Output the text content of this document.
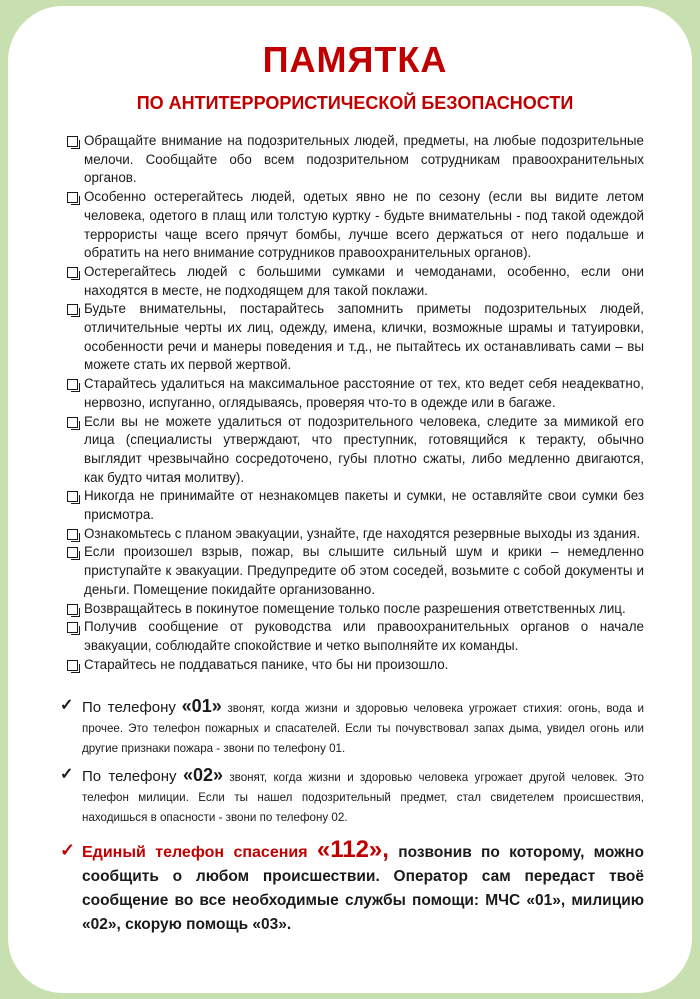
ПАМЯТКА
ПО АНТИТЕРРОРИСТИЧЕСКОЙ БЕЗОПАСНОСТИ
Обращайте внимание на подозрительных людей, предметы, на любые подозрительные мелочи. Сообщайте обо всем подозрительном сотрудникам правоохранительных органов.
Особенно остерегайтесь людей, одетых явно не по сезону (если вы видите летом человека, одетого в плащ или толстую куртку - будьте внимательны - под такой одеждой террористы чаще всего прячут бомбы, лучше всего держаться от него подальше и обратить на него внимание сотрудников правоохранительных органов).
Остерегайтесь людей с большими сумками и чемоданами, особенно, если они находятся в месте, не подходящем для такой поклажи.
Будьте внимательны, постарайтесь запомнить приметы подозрительных людей, отличительные черты их лиц, одежду, имена, клички, возможные шрамы и татуировки, особенности речи и манеры поведения и т.д., не пытайтесь их останавливать сами – вы можете стать их первой жертвой.
Старайтесь удалиться на максимальное расстояние от тех, кто ведет себя неадекватно, нервозно, испуганно, оглядываясь, проверяя что-то в одежде или в багаже.
Если вы не можете удалиться от подозрительного человека, следите за мимикой его лица (специалисты утверждают, что преступник, готовящийся к теракту, обычно выглядит чрезвычайно сосредоточено, губы плотно сжаты, либо медленно двигаются, как будто читая молитву).
Никогда не принимайте от незнакомцев пакеты и сумки, не оставляйте свои сумки без присмотра.
Ознакомьтесь с планом эвакуации, узнайте, где находятся резервные выходы из здания.
Если произошел взрыв, пожар, вы слышите сильный шум и крики – немедленно приступайте к эвакуации. Предупредите об этом соседей, возьмите с собой документы и деньги. Помещение покидайте организованно.
Возвращайтесь в покинутое помещение только после разрешения ответственных лиц.
Получив сообщение от руководства или правоохранительных органов о начале эвакуации, соблюдайте спокойствие и четко выполняйте их команды.
Старайтесь не поддаваться панике, что бы ни произошло.
✓ По телефону «01» звонят, когда жизни и здоровью человека угрожает стихия: огонь, вода и прочее. Это телефон пожарных и спасателей. Если ты почувствовал запах дыма, увидел огонь или другие признаки пожара - звони по телефону 01.
✓ По телефону «02» звонят, когда жизни и здоровью человека угрожает другой человек. Это телефон милиции. Если ты нашел подозрительный предмет, стал свидетелем происшествия, находишься в опасности - звони по телефону 02.
✓ Единый телефон спасения «112», позвонив по которому, можно сообщить о любом происшествии. Оператор сам передаст твоё сообщение во все необходимые службы помощи: МЧС «01», милицию «02», скорую помощь «03».
